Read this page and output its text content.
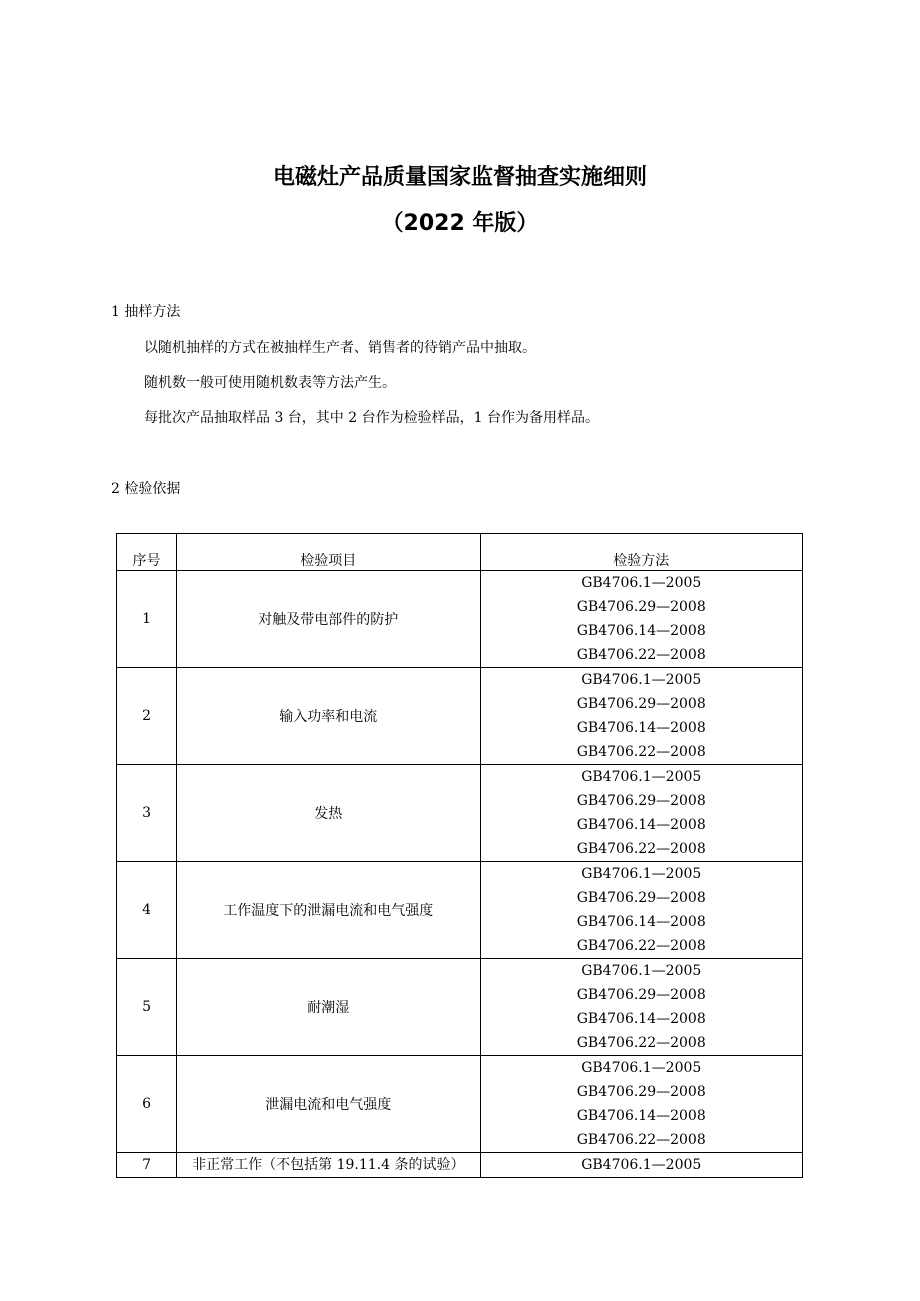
电磁灶产品质量国家监督抽查实施细则
（2022 年版）
1 抽样方法
以随机抽样的方式在被抽样生产者、销售者的待销产品中抽取。
随机数一般可使用随机数表等方法产生。
每批次产品抽取样品 3 台，其中 2 台作为检验样品，1 台作为备用样品。
2 检验依据
序号	检验项目	检验方法
1	对触及带电部件的防护	GB4706.1—2005
GB4706.29—2008
GB4706.14—2008
GB4706.22—2008

2	输入功率和电流	GB4706.1—2005
GB4706.29—2008
GB4706.14—2008
GB4706.22—2008

3	发热	GB4706.1—2005
GB4706.29—2008
GB4706.14—2008
GB4706.22—2008

4	工作温度下的泄漏电流和电气强度	GB4706.1—2005
GB4706.29—2008
GB4706.14—2008
GB4706.22—2008

5	耐潮湿	GB4706.1—2005
GB4706.29—2008
GB4706.14—2008
GB4706.22—2008

6	泄漏电流和电气强度	GB4706.1—2005
GB4706.29—2008
GB4706.14—2008
GB4706.22—2008

7	非正常工作（不包括第 19.11.4 条的试验）	GB4706.1—2005
